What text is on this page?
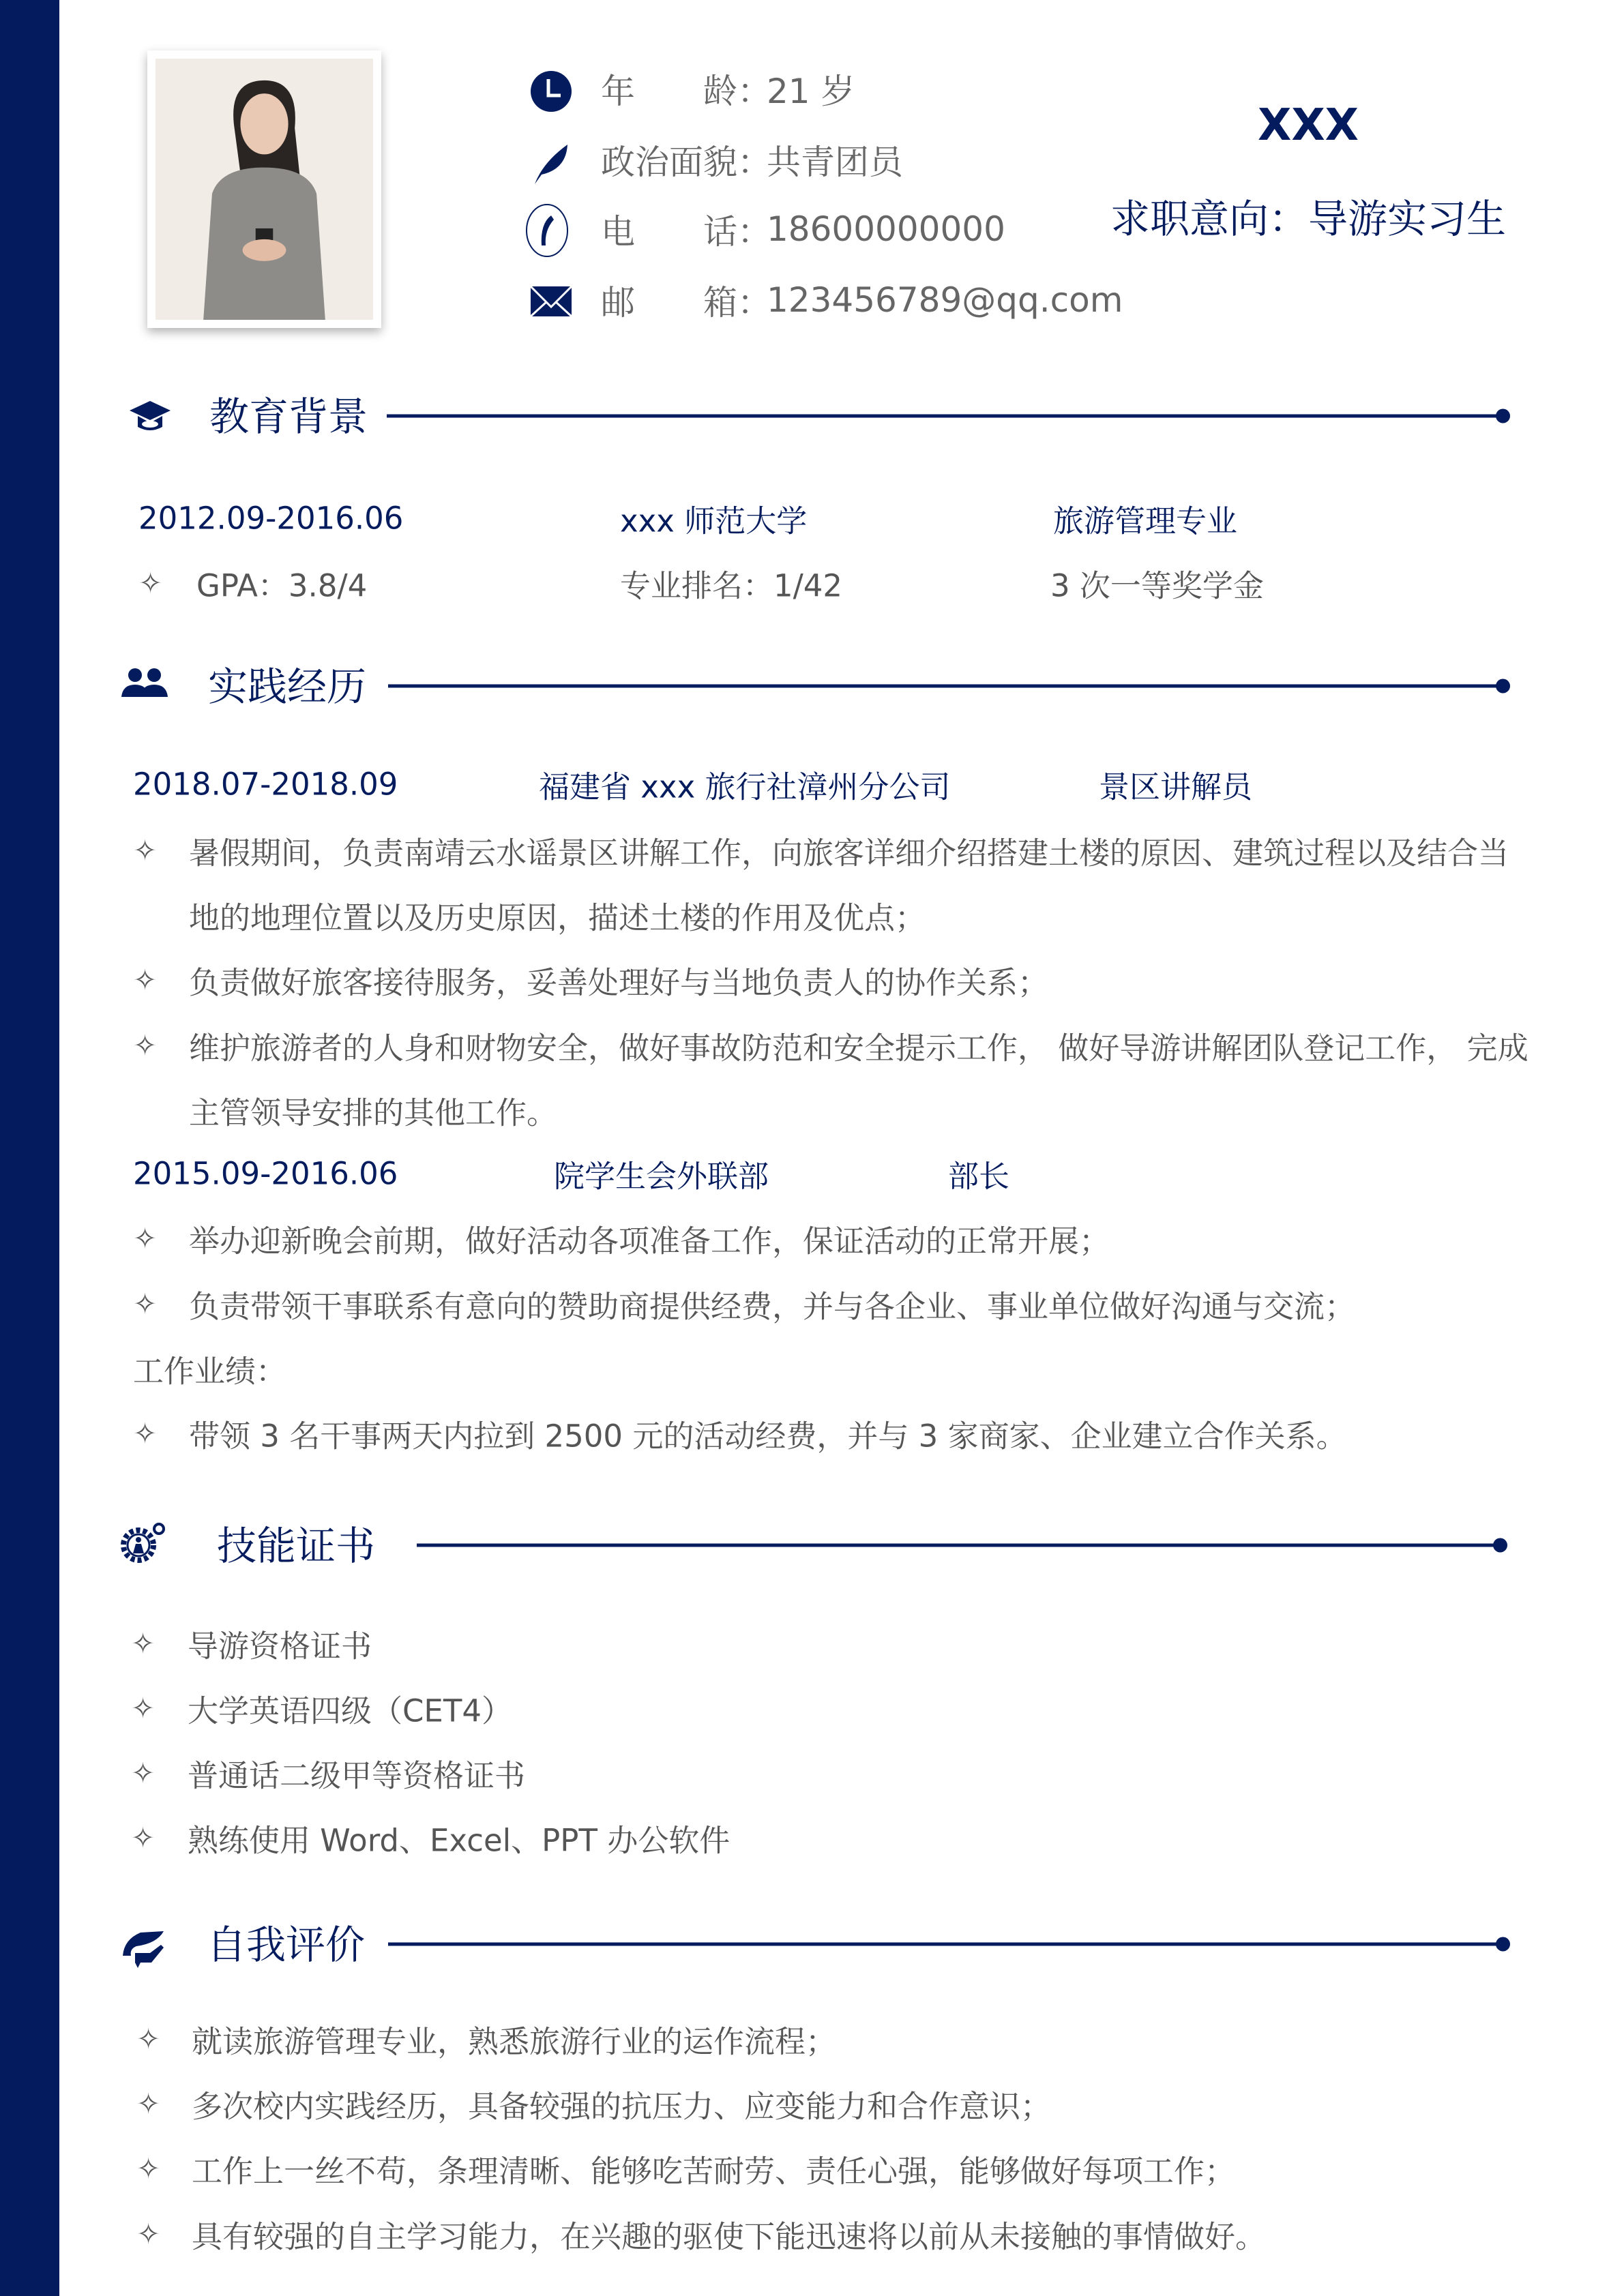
年　　龄：
21 岁
政治面貌：
共青团员
电　　话：
18600000000
邮　　箱：
123456789@qq.com
XXX
求职意向：导游实习生
教育背景
2012.09-2016.06	xxx 师范大学	旅游管理专业
✧ GPA：3.8/4	专业排名：1/42	3 次一等奖学金
实践经历
2018.07-2018.09	福建省 xxx 旅行社漳州分公司	景区讲解员
✧ 暑假期间，负责南靖云水谣景区讲解工作，向旅客详细介绍搭建土楼的原因、建筑过程以及结合当
地的地理位置以及历史原因，描述土楼的作用及优点；
✧ 负责做好旅客接待服务，妥善处理好与当地负责人的协作关系；
✧ 维护旅游者的人身和财物安全，做好事故防范和安全提示工作， 做好导游讲解团队登记工作， 完成
主管领导安排的其他工作。
2015.09-2016.06	院学生会外联部	部长
✧ 举办迎新晚会前期，做好活动各项准备工作，保证活动的正常开展；
✧ 负责带领干事联系有意向的赞助商提供经费，并与各企业、事业单位做好沟通与交流；
工作业绩：
✧ 带领 3 名干事两天内拉到 2500 元的活动经费，并与 3 家商家、企业建立合作关系。
技能证书
✧ 导游资格证书
✧ 大学英语四级（CET4）
✧ 普通话二级甲等资格证书
✧ 熟练使用 Word、Excel、PPT 办公软件
自我评价
✧ 就读旅游管理专业，熟悉旅游行业的运作流程；
✧ 多次校内实践经历，具备较强的抗压力、应变能力和合作意识；
✧ 工作上一丝不苟，条理清晰、能够吃苦耐劳、责任心强，能够做好每项工作；
✧ 具有较强的自主学习能力，在兴趣的驱使下能迅速将以前从未接触的事情做好。
